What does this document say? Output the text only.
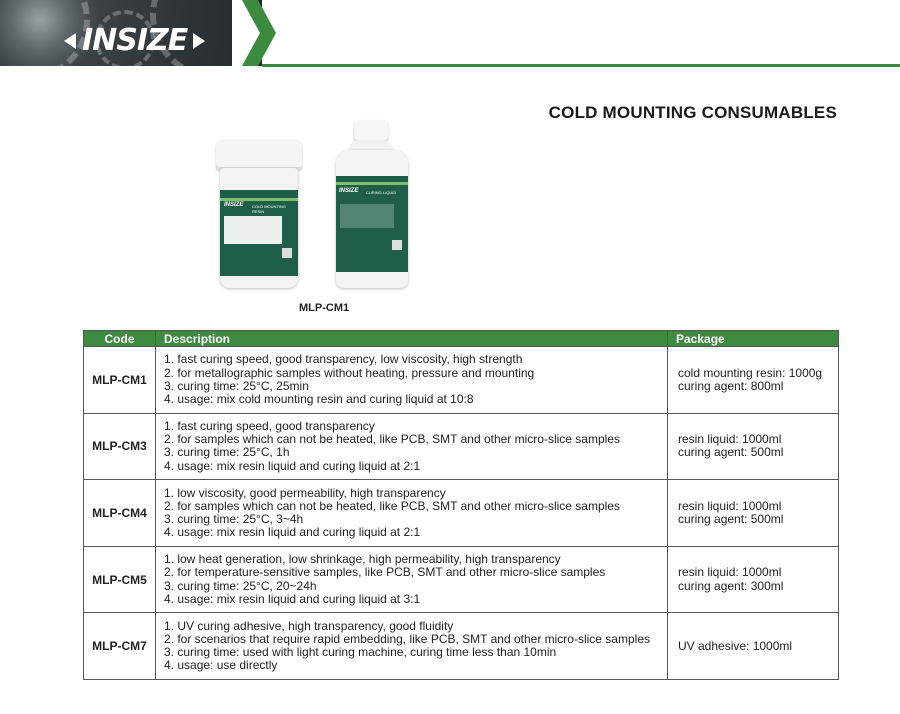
INSIZE
COLD MOUNTING CONSUMABLES
INSIZE COLD MOUNTING RESIN
INSIZE CURING LIQUID
MLP-CM1
Code	Description	Package
MLP-CM1	1. fast curing speed, good transparency, low viscosity, high strength
2. for metallographic samples without heating, pressure and mounting
3. curing time: 25°C, 25min
4. usage: mix cold mounting resin and curing liquid at 10:8	cold mounting resin: 1000g
curing agent: 800ml

MLP-CM3	1. fast curing speed, good transparency
2. for samples which can not be heated, like PCB, SMT and other micro-slice samples
3. curing time: 25°C, 1h
4. usage: mix resin liquid and curing liquid at 2:1	resin liquid: 1000ml
curing agent: 500ml

MLP-CM4	1. low viscosity, good permeability, high transparency
2. for samples which can not be heated, like PCB, SMT and other micro-slice samples
3. curing time: 25°C, 3~4h
4. usage: mix resin liquid and curing liquid at 2:1	resin liquid: 1000ml
curing agent: 500ml

MLP-CM5	1. low heat generation, low shrinkage, high permeability, high transparency
2. for temperature-sensitive samples, like PCB, SMT and other micro-slice samples
3. curing time: 25°C, 20~24h
4. usage: mix resin liquid and curing liquid at 3:1	resin liquid: 1000ml
curing agent: 300ml

MLP-CM7	1. UV curing adhesive, high transparency, good fluidity
2. for scenarios that require rapid embedding, like PCB, SMT and other micro-slice samples
3. curing time: used with light curing machine, curing time less than 10min
4. usage: use directly	UV adhesive: 1000ml
